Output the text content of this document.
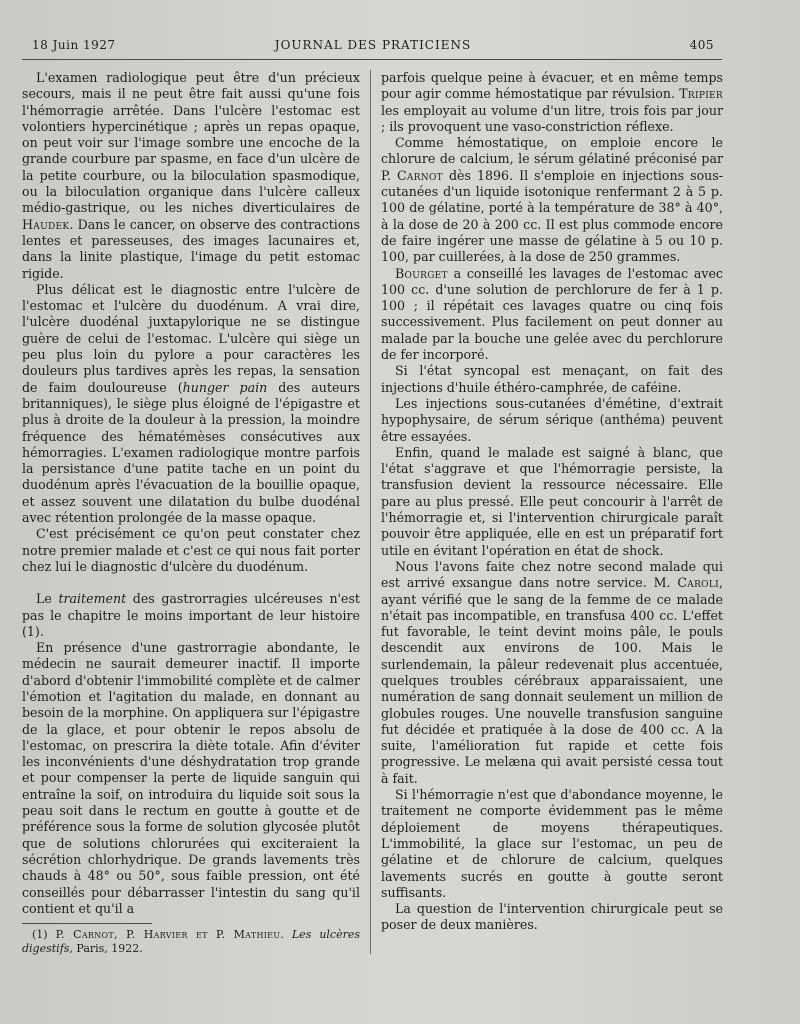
18 Juin 1927	JOURNAL DES PRATICIENS	405

L'examen radiologique peut être d'un précieux secours, mais il ne peut être fait aussi qu'une fois l'hémorragie arrêtée. Dans l'ulcère l'estomac est volontiers hypercinétique ; après un repas opaque, on peut voir sur l'image sombre une encoche de la grande courbure par spasme, en face d'un ulcère de la petite courbure, ou la biloculation spasmodique, ou la biloculation organique dans l'ulcère calleux médio-gastrique, ou les niches diverticulaires de Haudek. Dans le cancer, on observe des contractions lentes et paresseuses, des images lacunaires et, dans la linite plastique, l'image du petit estomac rigide.

Plus délicat est le diagnostic entre l'ulcère de l'estomac et l'ulcère du duodénum. A vrai dire, l'ulcère duodénal juxtapylorique ne se distingue guère de celui de l'estomac. L'ulcère qui siège un peu plus loin du pylore a pour caractères les douleurs plus tardives après les repas, la sensation de faim douloureuse (hunger pain des auteurs britanniques), le siège plus éloigné de l'épigastre et plus à droite de la douleur à la pression, la moindre fréquence des hématémèses consécutives aux hémorragies. L'examen radiologique montre parfois la persistance d'une patite tache en un point du duodénum après l'évacuation de la bouillie opaque, et assez souvent une dilatation du bulbe duodénal avec rétention prolongée de la masse opaque.

C'est précisément ce qu'on peut constater chez notre premier malade et c'est ce qui nous fait porter chez lui le diagnostic d'ulcère du duodénum.

Le traitement des gastrorragies ulcéreuses n'est pas le chapitre le moins important de leur histoire (1).

En présence d'une gastrorragie abondante, le médecin ne saurait demeurer inactif. Il importe d'abord d'obtenir l'immobilité complète et de calmer l'émotion et l'agitation du malade, en donnant au besoin de la morphine. On appliquera sur l'épigastre de la glace, et pour obtenir le repos absolu de l'estomac, on prescrira la diète totale. Afin d'éviter les inconvénients d'une déshydratation trop grande et pour compenser la perte de liquide sanguin qui entraîne la soif, on introduira du liquide soit sous la peau soit dans le rectum en goutte à goutte et de préférence sous la forme de solution glycosée plutôt que de solutions chlorurées qui exciteraient la sécrétion chlorhydrique. De grands lavements très chauds à 48° ou 50°, sous faible pression, ont été conseillés pour débarrasser l'intestin du sang qu'il contient et qu'il a

parfois quelque peine à évacuer, et en même temps pour agir comme hémostatique par révulsion. Tripier les employait au volume d'un litre, trois fois par jour ; ils provoquent une vaso-constriction réflexe.

Comme hémostatique, on emploie encore le chlorure de calcium, le sérum gélatiné préconisé par P. Carnot dès 1896. Il s'emploie en injections sous-cutanées d'un liquide isotonique renfermant 2 à 5 p. 100 de gélatine, porté à la température de 38° à 40°, à la dose de 20 à 200 cc. Il est plus commode encore de faire ingérer une masse de gélatine à 5 ou 10 p. 100, par cuillerées, à la dose de 250 grammes.

Bourget a conseillé les lavages de l'estomac avec 100 cc. d'une solution de perchlorure de fer à 1 p. 100 ; il répétait ces lavages quatre ou cinq fois successivement. Plus facilement on peut donner au malade par la bouche une gelée avec du perchlorure de fer incorporé.

Si l'état syncopal est menaçant, on fait des injections d'huile éthéro-camphrée, de caféine.

Les injections sous-cutanées d'émétine, d'extrait hypophysaire, de sérum sérique (anthéma) peuvent être essayées.

Enfin, quand le malade est saigné à blanc, que l'état s'aggrave et que l'hémorragie persiste, la transfusion devient la ressource nécessaire. Elle pare au plus pressé. Elle peut concourir à l'arrêt de l'hémorragie et, si l'intervention chirurgicale paraît pouvoir être appliquée, elle en est un préparatif fort utile en évitant l'opération en état de shock.

Nous l'avons faite chez notre second malade qui est arrivé exsangue dans notre service. M. Caroli, ayant vérifié que le sang de la femme de ce malade n'était pas incompatible, en transfusa 400 cc. L'effet fut favorable, le teint devint moins pâle, le pouls descendit aux environs de 100. Mais le surlendemain, la pâleur redevenait plus accentuée, quelques troubles cérébraux apparaissaient, une numération de sang donnait seulement un million de globules rouges. Une nouvelle transfusion sanguine fut décidée et pratiquée à la dose de 400 cc. A la suite, l'amélioration fut rapide et cette fois progressive. Le melæna qui avait persisté cessa tout à fait.

Si l'hémorragie n'est que d'abondance moyenne, le traitement ne comporte évidemment pas le même déploiement de moyens thérapeutiques. L'immobilité, la glace sur l'estomac, un peu de gélatine et de chlorure de calcium, quelques lavements sucrés en goutte à goutte seront suffisants.

La question de l'intervention chirurgicale peut se poser de deux manières.

(1) P. Carnot, P. Harvier et P. Mathieu. Les ulcères digestifs, Paris, 1922.
